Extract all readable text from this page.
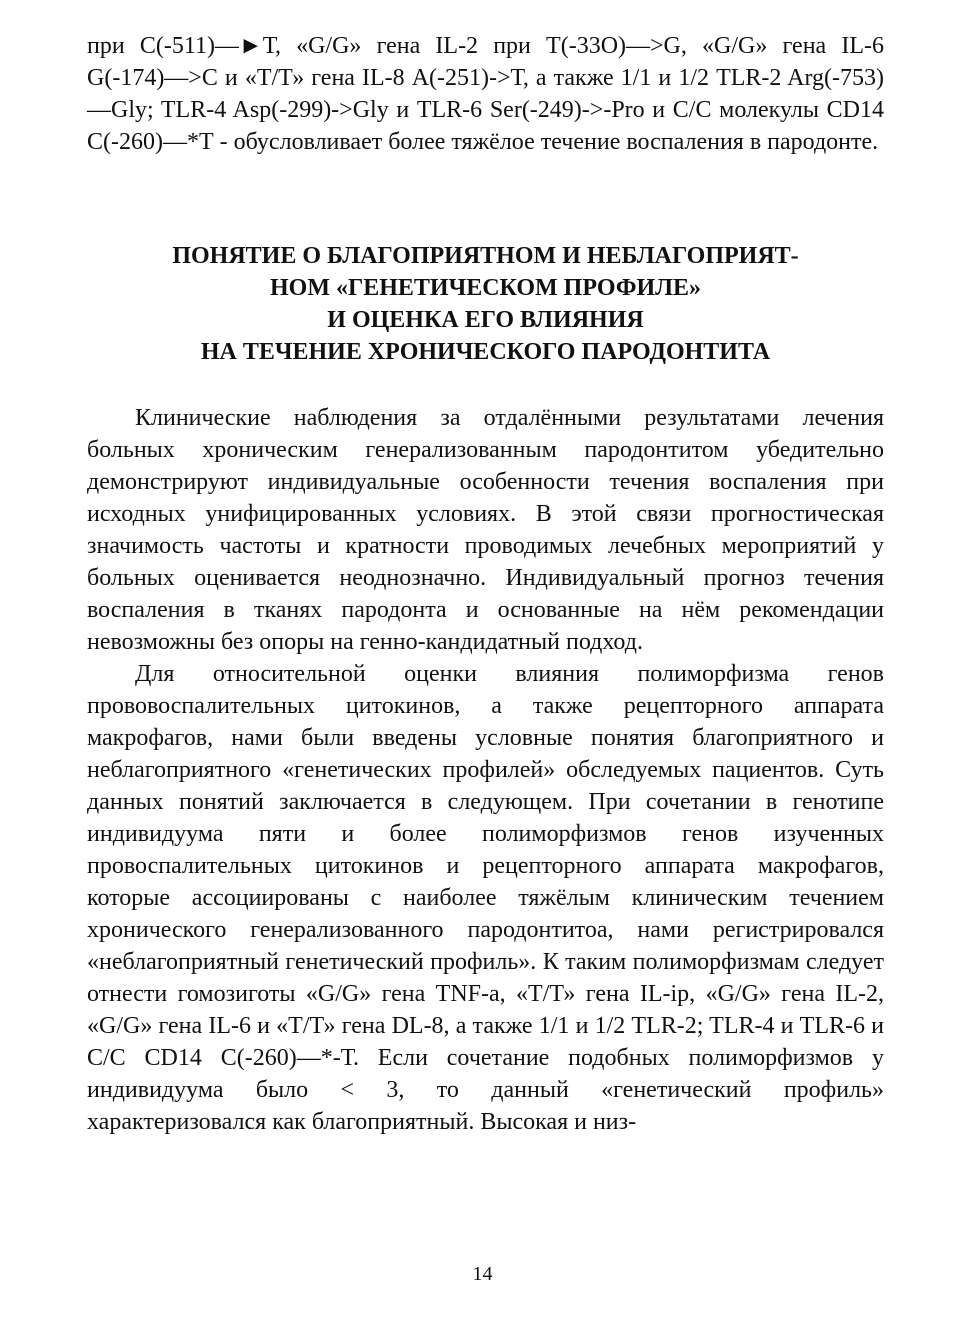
при С(-511)—►Т, «G/G» гена IL-2 при Т(-33О)—>G, «G/G» гена IL-6 G(-174)—>С и «Т/Т» гена IL-8 А(-251)->Т, а также 1/1 и 1/2 TLR-2 Arg(-753)—Gly; TLR-4 Asp(-299)->Gly и TLR-6 Ser(-249)->-Pro и С/С молекулы CD14 С(-260)—*Т - обусловливает более тяжёлое течение воспаления в пародонте.

ПОНЯТИЕ О БЛАГОПРИЯТНОМ И НЕБЛАГОПРИЯТ-
НОМ «ГЕНЕТИЧЕСКОМ ПРОФИЛЕ»
И ОЦЕНКА ЕГО ВЛИЯНИЯ
НА ТЕЧЕНИЕ ХРОНИЧЕСКОГО ПАРОДОНТИТА

Клинические наблюдения за отдалёнными результатами лечения больных хроническим генерализованным пародонтитом убедительно демонстрируют индивидуальные особенности течения воспаления при исходных унифицированных условиях. В этой связи прогностическая значимость частоты и кратности проводимых лечебных мероприятий у больных оценивается неоднозначно. Индивидуальный прогноз течения воспаления в тканях пародонта и основанные на нём рекомендации невозможны без опоры на генно-кандидатный подход.

Для относительной оценки влияния полиморфизма генов пpововоспалительных цитокинов, а также рецепторного аппарата макрофагов, нами были введены условные понятия благоприятного и неблагоприятного «генетических профилей» обследуемых пациентов. Суть данных понятий заключается в следующем. При сочетании в генотипе индивидуума пяти и более полиморфизмов генов изученных провоспалительных цитокинов и рецепторного аппарата макрофагов, которые ассоциированы с наиболее тяжёлым клиническим течением хронического генерализованного пародонтитоа, нами регистрировался «неблагоприятный генетический профиль». К таким полиморфизмам следует отнести гомозиготы «G/G» гена TNF-a, «Т/Т» гена IL-ip, «G/G» гена IL-2, «G/G» гена IL-6 и «Т/Т» гена DL-8, а также 1/1 и 1/2 TLR-2; TLR-4 и TLR-6 и С/С CD14 С(-260)—*-Т. Если сочетание подобных полиморфизмов у индивидуума было < 3, то данный «генетический профиль» характеризовался как благоприятный. Высокая и низ-

14
